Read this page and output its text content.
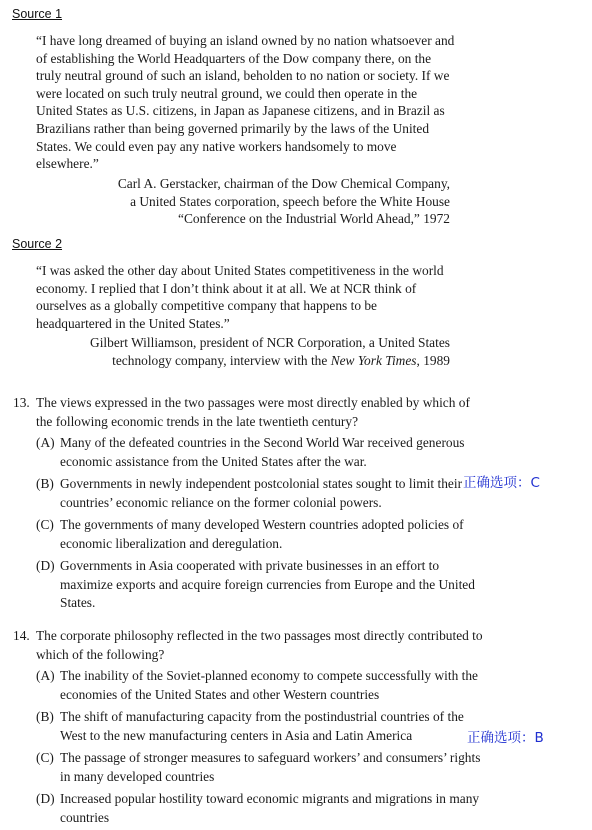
Source 1
“I have long dreamed of buying an island owned by no nation whatsoever and of establishing the World Headquarters of the Dow company there, on the truly neutral ground of such an island, beholden to no nation or society. If we were located on such truly neutral ground, we could then operate in the United States as U.S. citizens, in Japan as Japanese citizens, and in Brazil as Brazilians rather than being governed primarily by the laws of the United States. We could even pay any native workers handsomely to move elsewhere.”
Carl A. Gerstacker, chairman of the Dow Chemical Company,
a United States corporation, speech before the White House
“Conference on the Industrial World Ahead,” 1972
Source 2
“I was asked the other day about United States competitiveness in the world economy. I replied that I don’t think about it at all. We at NCR think of ourselves as a globally competitive company that happens to be headquartered in the United States.”
Gilbert Williamson, president of NCR Corporation, a United States
technology company, interview with the New York Times, 1989
13. The views expressed in the two passages were most directly enabled by which of the following economic trends in the late twentieth century?
(A) Many of the defeated countries in the Second World War received generous economic assistance from the United States after the war.
(B) Governments in newly independent postcolonial states sought to limit their countries’ economic reliance on the former colonial powers.
(C) The governments of many developed Western countries adopted policies of economic liberalization and deregulation.
(D) Governments in Asia cooperated with private businesses in an effort to maximize exports and acquire foreign currencies from Europe and the United States.
正确选项：C
14. The corporate philosophy reflected in the two passages most directly contributed to which of the following?
(A) The inability of the Soviet-planned economy to compete successfully with the economies of the United States and other Western countries
(B) The shift of manufacturing capacity from the postindustrial countries of the West to the new manufacturing centers in Asia and Latin America
(C) The passage of stronger measures to safeguard workers’ and consumers’ rights in many developed countries
(D) Increased popular hostility toward economic migrants and migrations in many countries
正确选项：B
